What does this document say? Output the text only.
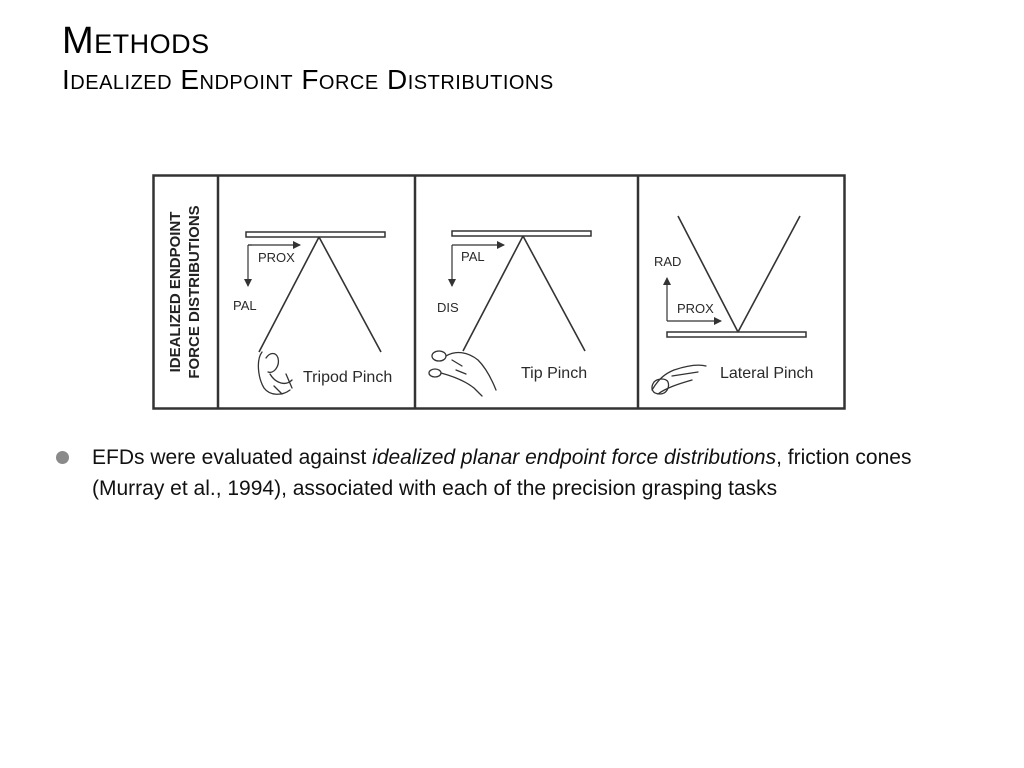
Methods
Idealized Endpoint Force Distributions
IDEALIZED ENDPOINT FORCE DISTRIBUTIONS	PROX
PAL
Tripod Pinch
PAL
DIS
Tip Pinch
PROX
RAD
Lateral Pinch
EFDs were evaluated against idealized planar endpoint force distributions, friction cones (Murray et al., 1994), associated with each of the precision grasping tasks
